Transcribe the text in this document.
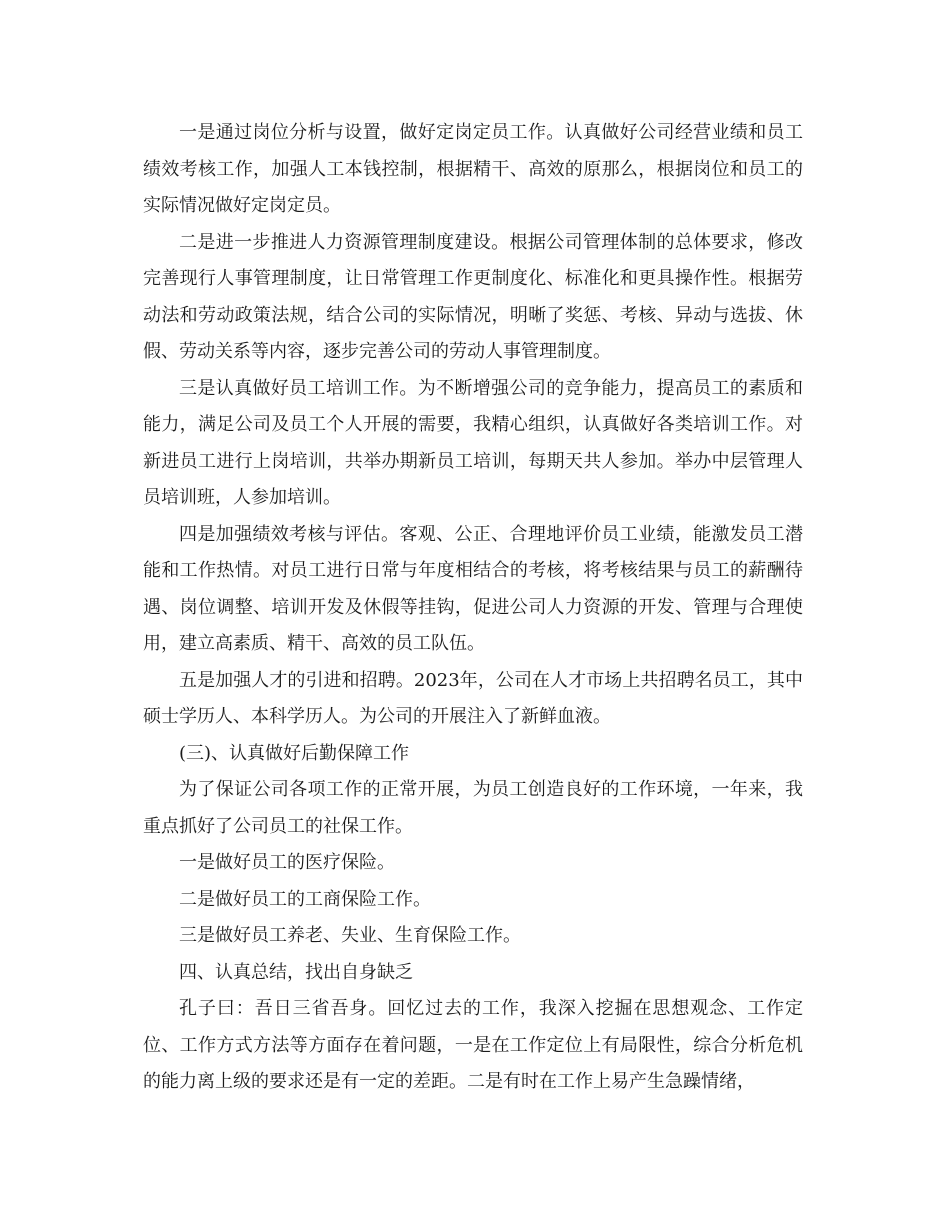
一是通过岗位分析与设置，做好定岗定员工作。认真做好公司经营业绩和员工绩效考核工作，加强人工本钱控制，根据精干、高效的原那么，根据岗位和员工的实际情况做好定岗定员。

二是进一步推进人力资源管理制度建设。根据公司管理体制的总体要求，修改完善现行人事管理制度，让日常管理工作更制度化、标准化和更具操作性。根据劳动法和劳动政策法规，结合公司的实际情况，明晰了奖惩、考核、异动与选拔、休假、劳动关系等内容，逐步完善公司的劳动人事管理制度。

三是认真做好员工培训工作。为不断增强公司的竞争能力，提高员工的素质和能力，满足公司及员工个人开展的需要，我精心组织，认真做好各类培训工作。对新进员工进行上岗培训，共举办期新员工培训，每期天共人参加。举办中层管理人员培训班，人参加培训。

四是加强绩效考核与评估。客观、公正、合理地评价员工业绩，能激发员工潜能和工作热情。对员工进行日常与年度相结合的考核，将考核结果与员工的薪酬待遇、岗位调整、培训开发及休假等挂钩，促进公司人力资源的开发、管理与合理使用，建立高素质、精干、高效的员工队伍。

五是加强人才的引进和招聘。2023年，公司在人才市场上共招聘名员工，其中硕士学历人、本科学历人。为公司的开展注入了新鲜血液。

(三)、认真做好后勤保障工作

为了保证公司各项工作的正常开展，为员工创造良好的工作环境，一年来，我重点抓好了公司员工的社保工作。

一是做好员工的医疗保险。

二是做好员工的工商保险工作。

三是做好员工养老、失业、生育保险工作。

四、认真总结，找出自身缺乏

孔子曰：吾日三省吾身。回忆过去的工作，我深入挖掘在思想观念、工作定位、工作方式方法等方面存在着问题，一是在工作定位上有局限性，综合分析危机的能力离上级的要求还是有一定的差距。二是有时在工作上易产生急躁情绪，
